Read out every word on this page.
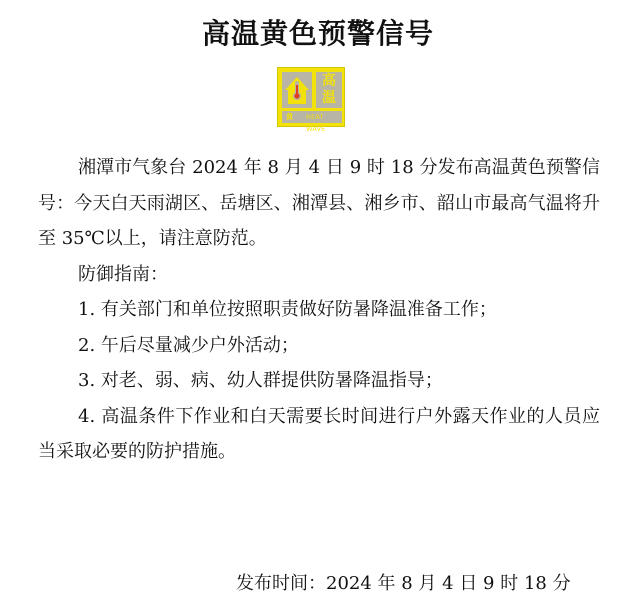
高温黄色预警信号
高
温
黄 HEAT WAVE

湘潭市气象台 2024 年 8 月 4 日 9 时 18 分发布高温黄色预警信号：今天白天雨湖区、岳塘区、湘潭县、湘乡市、韶山市最高气温将升至 35℃以上，请注意防范。

防御指南：

1. 有关部门和单位按照职责做好防暑降温准备工作；

2. 午后尽量减少户外活动；

3. 对老、弱、病、幼人群提供防暑降温指导；

4. 高温条件下作业和白天需要长时间进行户外露天作业的人员应当采取必要的防护措施。

发布时间：2024 年 8 月 4 日 9 时 18 分
